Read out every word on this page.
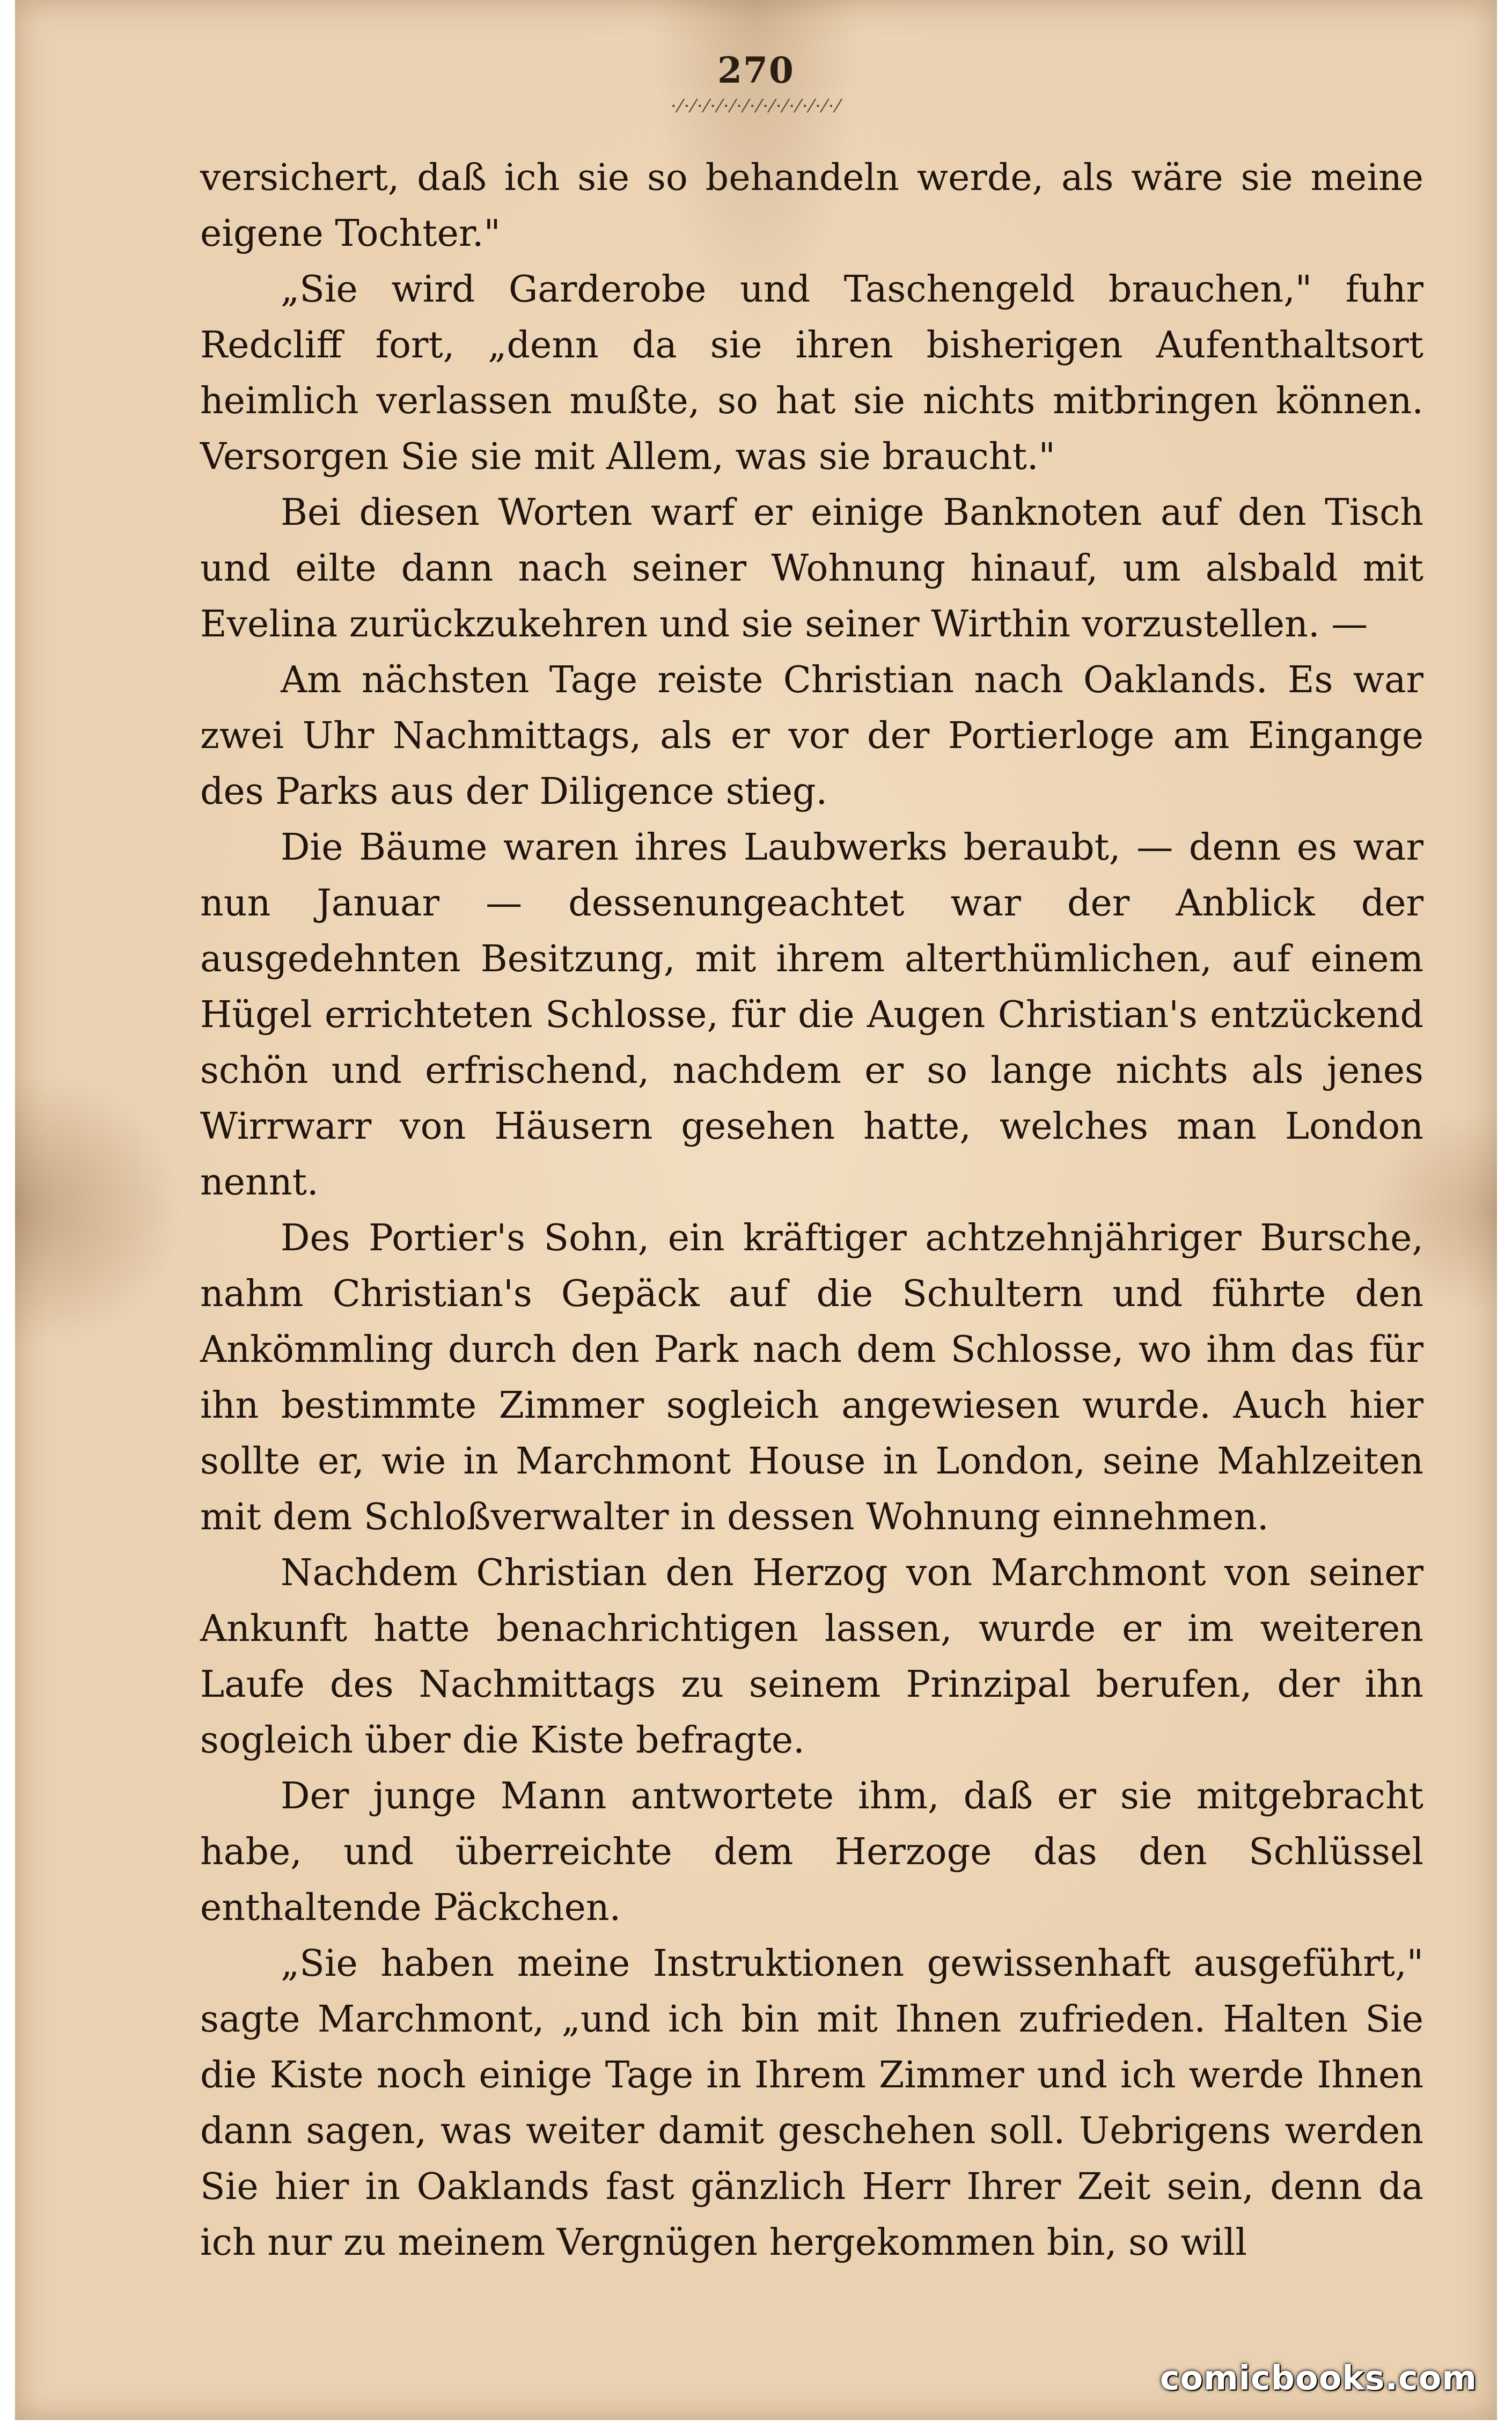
270
·⁄·⁄·⁄·⁄·⁄·⁄·⁄·⁄·⁄·⁄·⁄·⁄·⁄

versichert, daß ich sie so behandeln werde, als wäre sie meine eigene Tochter."

„Sie wird Garderobe und Taschengeld brauchen," fuhr Redcliff fort, „denn da sie ihren bisherigen Aufenthaltsort heimlich verlassen mußte, so hat sie nichts mitbringen können. Versorgen Sie sie mit Allem, was sie braucht."

Bei diesen Worten warf er einige Banknoten auf den Tisch und eilte dann nach seiner Wohnung hinauf, um alsbald mit Evelina zurückzukehren und sie seiner Wirthin vorzustellen. —

Am nächsten Tage reiste Christian nach Oaklands. Es war zwei Uhr Nachmittags, als er vor der Portierloge am Eingange des Parks aus der Diligence stieg.

Die Bäume waren ihres Laubwerks beraubt, — denn es war nun Januar — dessenungeachtet war der Anblick der ausgedehnten Besitzung, mit ihrem alterthümlichen, auf einem Hügel errichteten Schlosse, für die Augen Christian's entzückend schön und erfrischend, nachdem er so lange nichts als jenes Wirrwarr von Häusern gesehen hatte, welches man London nennt.

Des Portier's Sohn, ein kräftiger achtzehnjähriger Bursche, nahm Christian's Gepäck auf die Schultern und führte den Ankömmling durch den Park nach dem Schlosse, wo ihm das für ihn bestimmte Zimmer sogleich angewiesen wurde. Auch hier sollte er, wie in Marchmont House in London, seine Mahlzeiten mit dem Schloßverwalter in dessen Wohnung einnehmen.

Nachdem Christian den Herzog von Marchmont von seiner Ankunft hatte benachrichtigen lassen, wurde er im weiteren Laufe des Nachmittags zu seinem Prinzipal berufen, der ihn sogleich über die Kiste befragte.

Der junge Mann antwortete ihm, daß er sie mitgebracht habe, und überreichte dem Herzoge das den Schlüssel enthaltende Päckchen.

„Sie haben meine Instruktionen gewissenhaft ausgeführt," sagte Marchmont, „und ich bin mit Ihnen zufrieden. Halten Sie die Kiste noch einige Tage in Ihrem Zimmer und ich werde Ihnen dann sagen, was weiter damit geschehen soll. Uebrigens werden Sie hier in Oaklands fast gänzlich Herr Ihrer Zeit sein, denn da ich nur zu meinem Vergnügen hergekommen bin, so will

comicbooks.com
